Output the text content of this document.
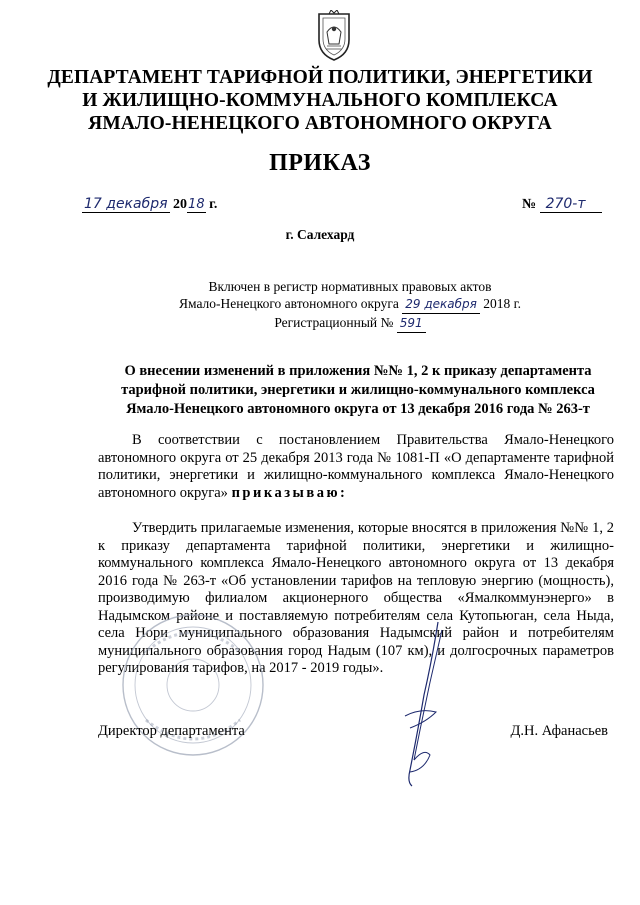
ДЕПАРТАМЕНТ ТАРИФНОЙ ПОЛИТИКИ, ЭНЕРГЕТИКИ
И ЖИЛИЩНО-КОММУНАЛЬНОГО КОМПЛЕКСА
ЯМАЛО-НЕНЕЦКОГО АВТОНОМНОГО ОКРУГА
ПРИКАЗ
17 декабря 2018 г.	№ 270-т
г. Салехард
Включен в регистр нормативных правовых актов
Ямало-Ненецкого автономного округа 29 декабря 2018 г.
Регистрационный № 591
О внесении изменений в приложения №№ 1, 2 к приказу департамента
тарифной политики, энергетики и жилищно-коммунального комплекса
Ямало-Ненецкого автономного округа от 13 декабря 2016 года № 263-т
В соответствии с постановлением Правительства Ямало-Ненецкого автономного округа от 25 декабря 2013 года № 1081-П «О департаменте тарифной политики, энергетики и жилищно-коммунального комплекса Ямало-Ненецкого автономного округа» приказываю:
Утвердить прилагаемые изменения, которые вносятся в приложения №№ 1, 2 к приказу департамента тарифной политики, энергетики и жилищно-коммунального комплекса Ямало-Ненецкого автономного округа от 13 декабря 2016 года № 263-т «Об установлении тарифов на тепловую энергию (мощность), производимую филиалом акционерного общества «Ямалкоммунэнерго» в Надымском районе и поставляемую потребителям села Кутопьюган, села Ныда, села Нори муниципального образования Надымский район и потребителям муниципального образования город Надым (107 км), и долгосрочных параметров регулирования тарифов, на 2017 - 2019 годы».
Директор департамента	Д.Н. Афанасьев
